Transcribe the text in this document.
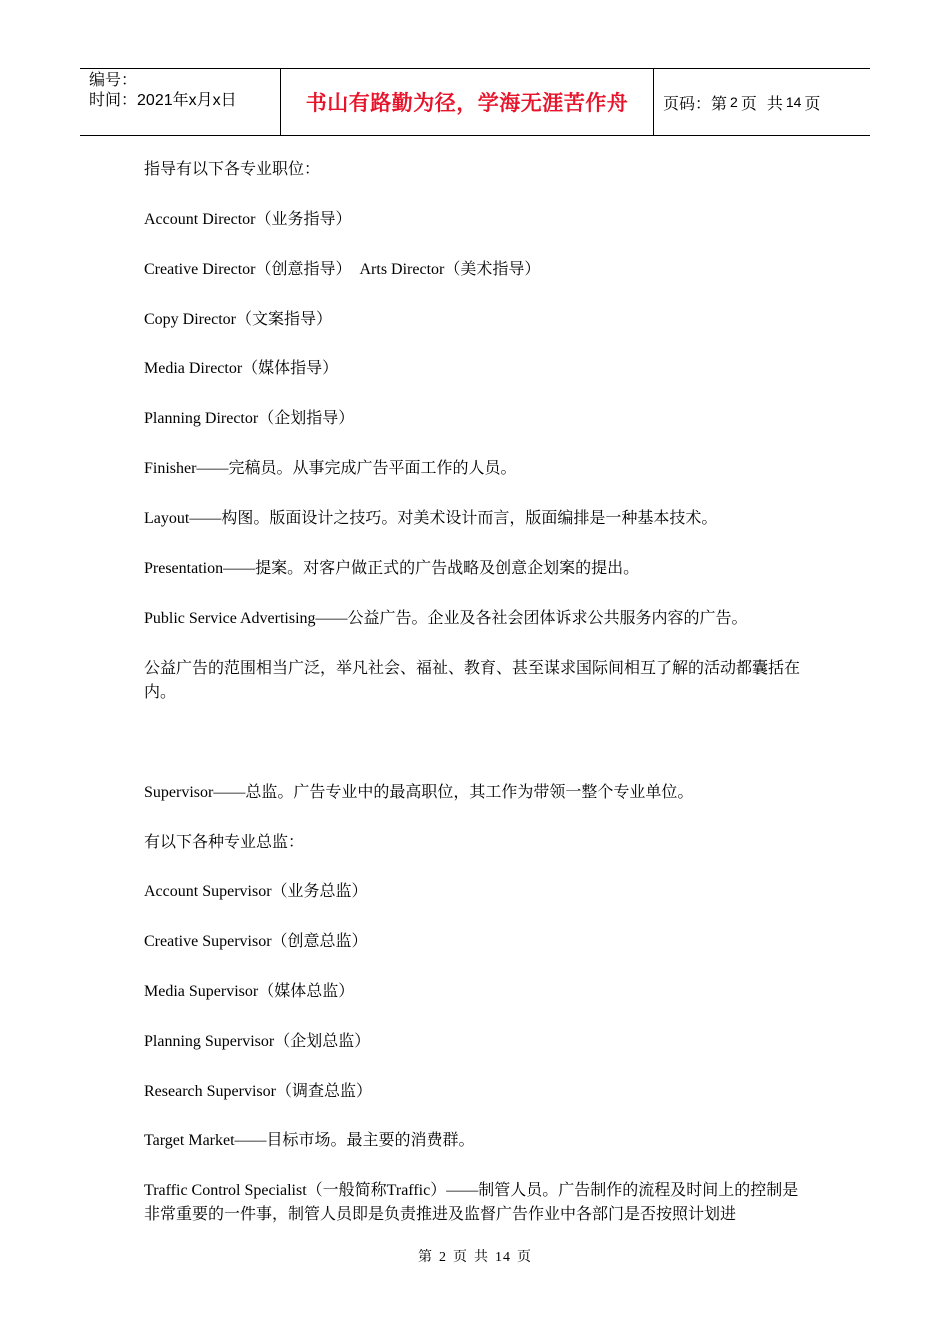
编号：
时间：2021年x月x日	书山有路勤为径，学海无涯苦作舟	页码：第 2 页 共 14 页
指导有以下各专业职位：
Account Director（业务指导）
Creative Director（创意指导）  Arts Director（美术指导）
Copy Director（文案指导）
Media Director（媒体指导）
Planning Director（企划指导）
Finisher——完稿员。从事完成广告平面工作的人员。
Layout——构图。版面设计之技巧。对美术设计而言，版面编排是一种基本技术。
Presentation——提案。对客户做正式的广告战略及创意企划案的提出。
Public Service Advertising——公益广告。企业及各社会团体诉求公共服务内容的广告。
公益广告的范围相当广泛，举凡社会、福祉、教育、甚至谋求国际间相互了解的活动都囊括在内。
Supervisor——总监。广告专业中的最高职位，其工作为带领一整个专业单位。
有以下各种专业总监：
Account Supervisor（业务总监）
Creative Supervisor（创意总监）
Media Supervisor（媒体总监）
Planning Supervisor（企划总监）
Research Supervisor（调查总监）
Target Market——目标市场。最主要的消费群。
Traffic Control Specialist（一般简称Traffic）——制管人员。广告制作的流程及时间上的控制是非常重要的一件事，制管人员即是负责推进及监督广告作业中各部门是否按照计划进
第 2 页 共 14 页
